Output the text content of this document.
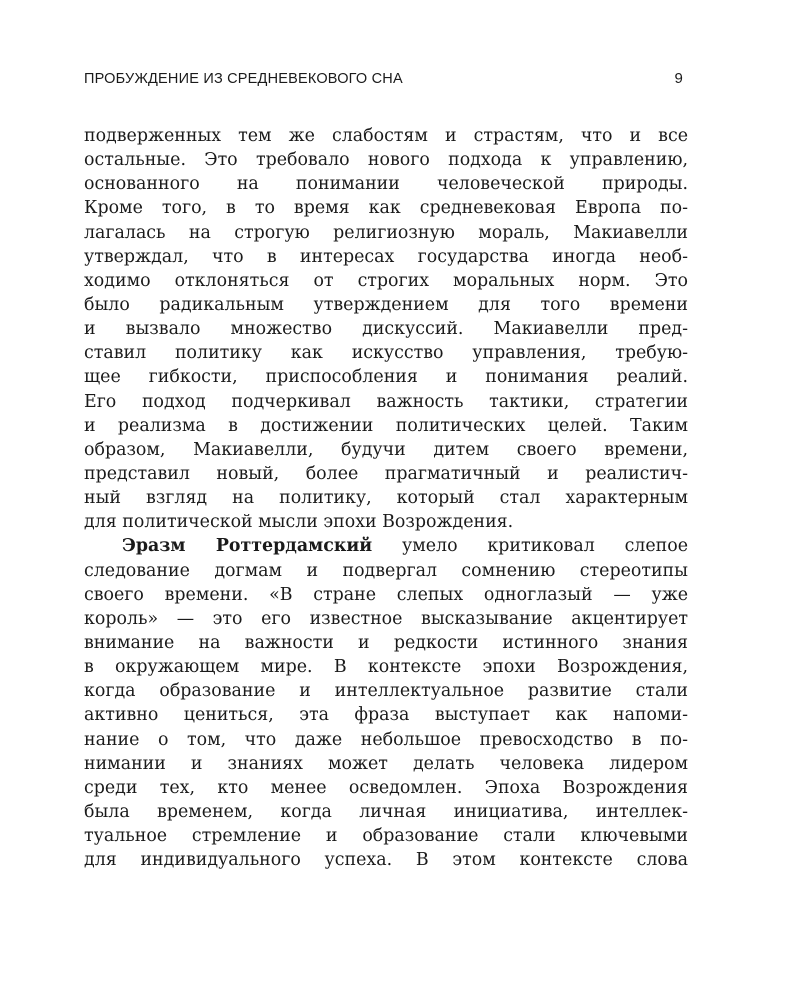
ПРОБУЖДЕНИЕ ИЗ СРЕДНЕВЕКОВОГО СНА	9
подверженных тем же слабостям и страстям, что и все
остальные. Это требовало нового подхода к управлению,
основанного на понимании человеческой природы.
Кроме того, в то время как средневековая Европа по-
лагалась на строгую религиозную мораль, Макиавелли
утверждал, что в интересах государства иногда необ-
ходимо отклоняться от строгих моральных норм. Это
было радикальным утверждением для того времени
и вызвало множество дискуссий. Макиавелли пред-
ставил политику как искусство управления, требую-
щее гибкости, приспособления и понимания реалий.
Его подход подчеркивал важность тактики, стратегии
и реализма в достижении политических целей. Таким
образом, Макиавелли, будучи дитем своего времени,
представил новый, более прагматичный и реалистич-
ный взгляд на политику, который стал характерным
для политической мысли эпохи Возрождения.
Эразм Роттердамский умело критиковал слепое
следование догмам и подвергал сомнению стереотипы
своего времени. «В стране слепых одноглазый — уже
король» — это его известное высказывание акцентирует
внимание на важности и редкости истинного знания
в окружающем мире. В контексте эпохи Возрождения,
когда образование и интеллектуальное развитие стали
активно цениться, эта фраза выступает как напоми-
нание о том, что даже небольшое превосходство в по-
нимании и знаниях может делать человека лидером
среди тех, кто менее осведомлен. Эпоха Возрождения
была временем, когда личная инициатива, интеллек-
туальное стремление и образование стали ключевыми
для индивидуального успеха. В этом контексте слова
